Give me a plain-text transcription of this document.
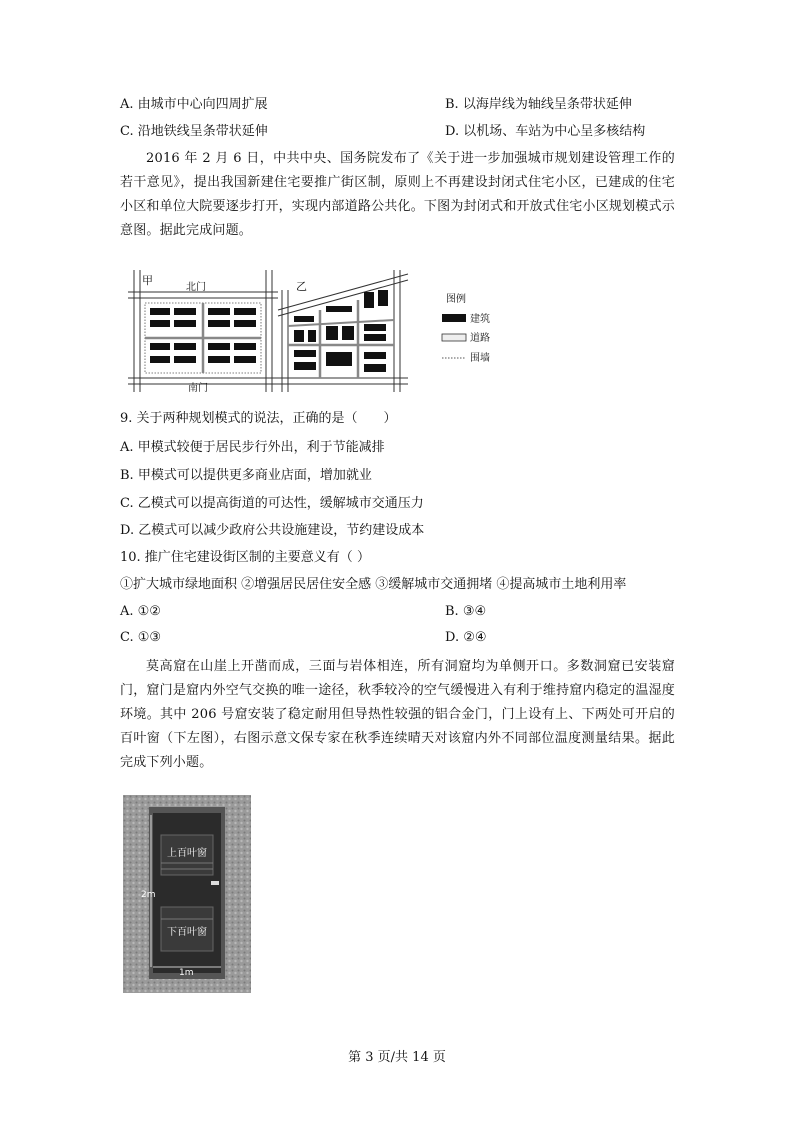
A. 由城市中心向四周扩展	B. 以海岸线为轴线呈条带状延伸
C. 沿地铁线呈条带状延伸	D. 以机场、车站为中心呈多核结构
2016 年 2 月 6 日，中共中央、国务院发布了《关于进一步加强城市规划建设管理工作的若干意见》，提出我国新建住宅要推广街区制，原则上不再建设封闭式住宅小区，已建成的住宅小区和单位大院要逐步打开，实现内部道路公共化。下图为封闭式和开放式住宅小区规划模式示意图。据此完成问题。
甲
北门
南门
乙
图例
建筑
道路
围墙
9. 关于两种规划模式的说法，正确的是（　　）
A. 甲模式较便于居民步行外出，利于节能减排
B. 甲模式可以提供更多商业店面，增加就业
C. 乙模式可以提高街道的可达性，缓解城市交通压力
D. 乙模式可以减少政府公共设施建设，节约建设成本
10. 推广住宅建设街区制的主要意义有（ ）
①扩大城市绿地面积 ②增强居民居住安全感 ③缓解城市交通拥堵 ④提高城市土地利用率
A. ①②	B. ③④
C. ①③	D. ②④
莫高窟在山崖上开凿而成，三面与岩体相连，所有洞窟均为单侧开口。多数洞窟已安装窟门，窟门是窟内外空气交换的唯一途径，秋季较冷的空气缓慢进入有利于维持窟内稳定的温湿度环境。其中 206 号窟安装了稳定耐用但导热性较强的铝合金门，门上设有上、下两处可开启的百叶窗（下左图），右图示意文保专家在秋季连续晴天对该窟内外不同部位温度测量结果。据此完成下列小题。
上百叶窗
下百叶窗
2m
1m
第 3 页/共 14 页
